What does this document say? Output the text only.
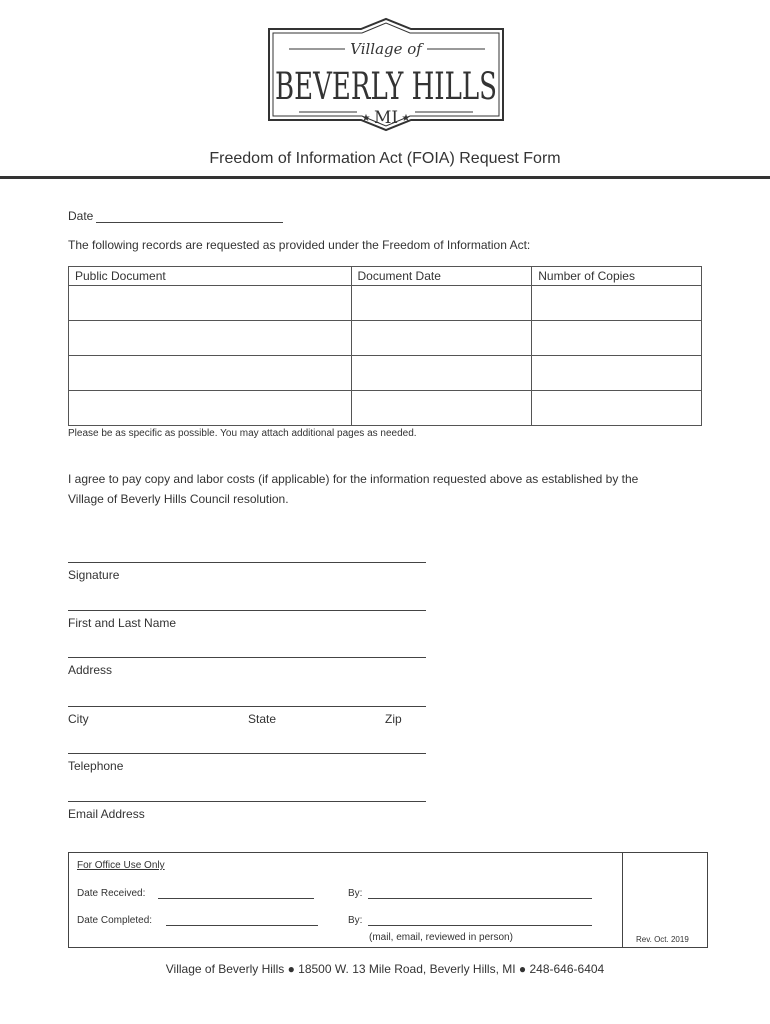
Village of
BEVERLY HILLS
★	★
MI
Freedom of Information Act (FOIA) Request Form
Date
The following records are requested as provided under the Freedom of Information Act:
Public Document	Document Date	Number of Copies

Please be as specific as possible. You may attach additional pages as needed.
I agree to pay copy and labor costs (if applicable) for the information requested above as established by the
Village of Beverly Hills Council resolution.
Signature
First and Last Name
Address
City	State	Zip
Telephone
Email Address
For Office Use Only
Date Received:	By:
Date Completed:	By:
(mail, email, reviewed in person)	Rev. Oct. 2019
Village of Beverly Hills ● 18500 W. 13 Mile Road, Beverly Hills, MI ● 248-646-6404
